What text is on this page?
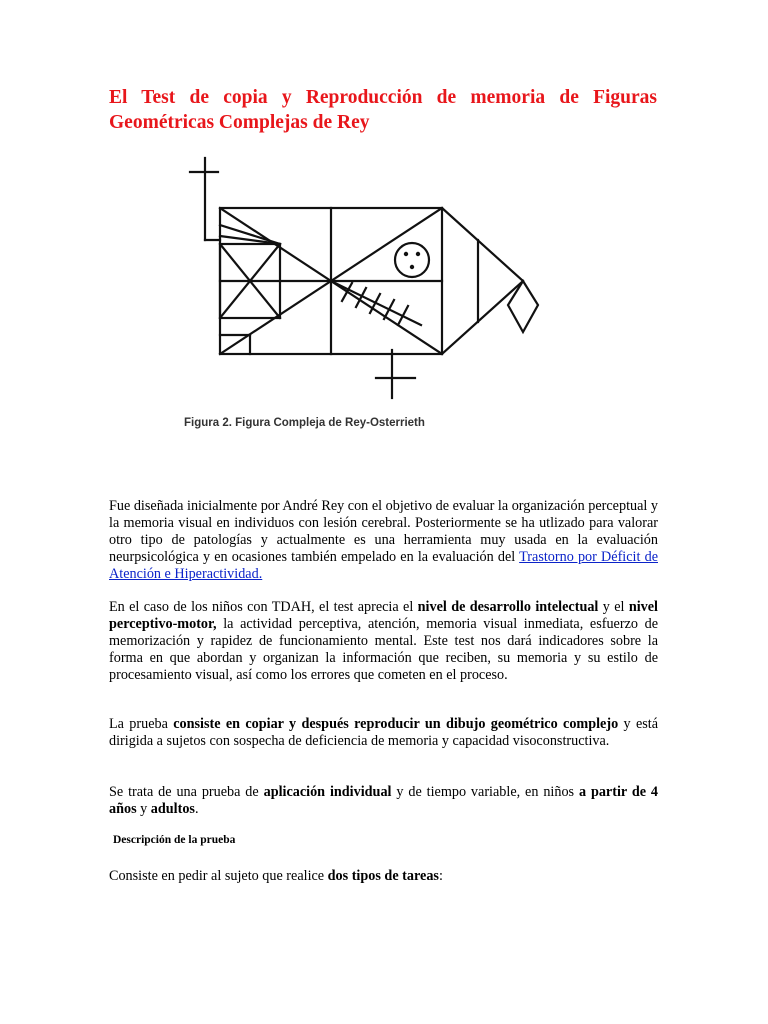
El Test de copia y Reproducción de memoria de Figuras Geométricas Complejas de Rey
Figura 2. Figura Compleja de Rey-Osterrieth

Fue diseñada inicialmente por André Rey con el objetivo de evaluar la organización perceptual y la memoria visual en individuos con lesión cerebral. Posteriormente se ha utlizado para valorar otro tipo de patologías y actualmente es una herramienta muy usada en la evaluación neurpsicológica y en ocasiones también empelado en la evaluación del Trastorno por Déficit de Atención e Hiperactividad.

En el caso de los niños con TDAH, el test aprecia el nivel de desarrollo intelectual y el nivel perceptivo-motor, la actividad perceptiva, atención, memoria visual inmediata, esfuerzo de memorización y rapidez de funcionamiento mental. Este test nos dará indicadores sobre la forma en que abordan y organizan la información que reciben, su memoria y su estilo de procesamiento visual, así como los errores que cometen en el proceso.

La prueba consiste en copiar y después reproducir un dibujo geométrico complejo y está dirigida a sujetos con sospecha de deficiencia de memoria y capacidad visoconstructiva.

Se trata de una prueba de aplicación individual y de tiempo variable, en niños a partir de 4 años y adultos.

Descripción de la prueba

Consiste en pedir al sujeto que realice dos tipos de tareas:
